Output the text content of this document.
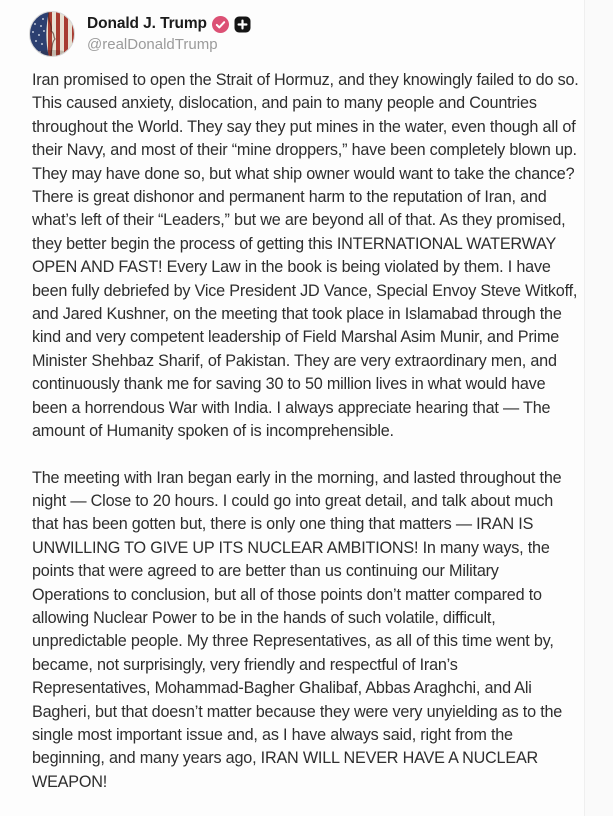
Donald J. Trump
@realDonaldTrump

Iran promised to open the Strait of Hormuz, and they knowingly failed to do so. This caused anxiety, dislocation, and pain to many people and Countries throughout the World. They say they put mines in the water, even though all of their Navy, and most of their “mine droppers,” have been completely blown up. They may have done so, but what ship owner would want to take the chance? There is great dishonor and permanent harm to the reputation of Iran, and what’s left of their “Leaders,” but we are beyond all of that. As they promised, they better begin the process of getting this INTERNATIONAL WATERWAY OPEN AND FAST! Every Law in the book is being violated by them. I have been fully debriefed by Vice President JD Vance, Special Envoy Steve Witkoff, and Jared Kushner, on the meeting that took place in Islamabad through the kind and very competent leadership of Field Marshal Asim Munir, and Prime Minister Shehbaz Sharif, of Pakistan. They are very extraordinary men, and continuously thank me for saving 30 to 50 million lives in what would have been a horrendous War with India. I always appreciate hearing that — The amount of Humanity spoken of is incomprehensible.

The meeting with Iran began early in the morning, and lasted throughout the night — Close to 20 hours. I could go into great detail, and talk about much that has been gotten but, there is only one thing that matters — IRAN IS UNWILLING TO GIVE UP ITS NUCLEAR AMBITIONS! In many ways, the points that were agreed to are better than us continuing our Military Operations to conclusion, but all of those points don’t matter compared to allowing Nuclear Power to be in the hands of such volatile, difficult, unpredictable people. My three Representatives, as all of this time went by, became, not surprisingly, very friendly and respectful of Iran’s Representatives, Mohammad-Bagher Ghalibaf, Abbas Araghchi, and Ali Bagheri, but that doesn’t matter because they were very unyielding as to the single most important issue and, as I have always said, right from the beginning, and many years ago, IRAN WILL NEVER HAVE A NUCLEAR WEAPON!
